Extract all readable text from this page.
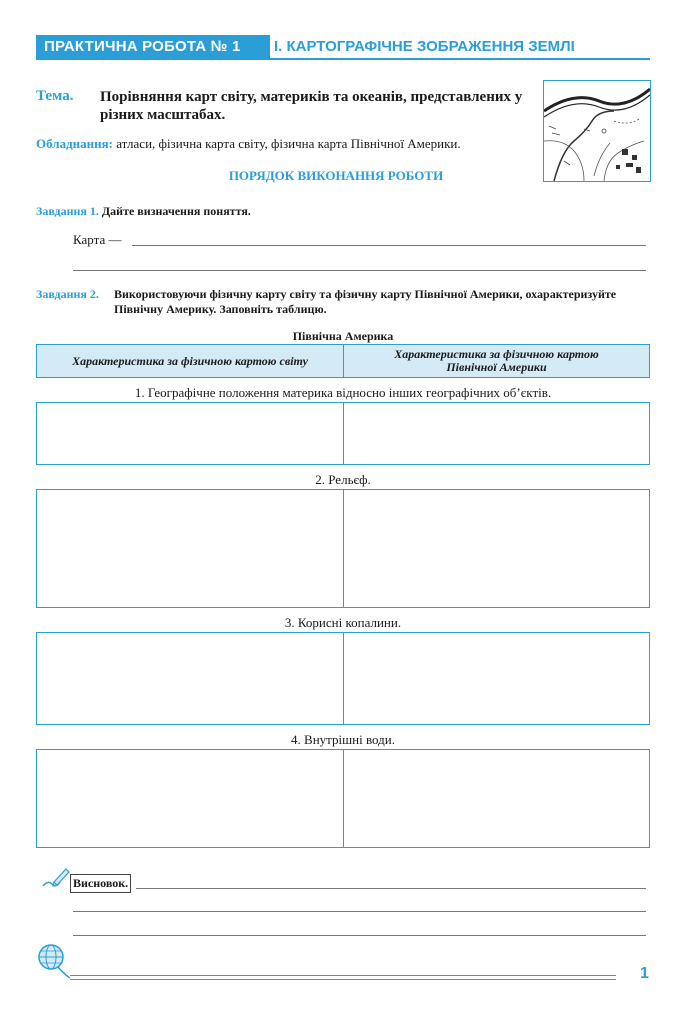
ПРАКТИЧНА РОБОТА № 1	І. КАРТОГРАФІЧНЕ ЗОБРАЖЕННЯ ЗЕМЛІ
Тема. Порівняння карт світу, материків та океанів, представлених у різних масштабах.
Обладнання: атласи, фізична карта світу, фізична карта Північної Америки.
ПОРЯДОК ВИКОНАННЯ РОБОТИ
Завдання 1. Дайте визначення поняття.
Карта —
Завдання 2. Використовуючи фізичну карту світу та фізичну карту Північної Америки, охарактеризуйте Північну Америку. Заповніть таблицю.
Північна Америка
Характеристика за фізичною картою світу	Характеристика за фізичною картою Північної Америки
1. Географічне положення материка відносно інших географічних об’єктів.
2. Рельєф.
3. Корисні копалини.
4. Внутрішні води.
Висновок.
1
